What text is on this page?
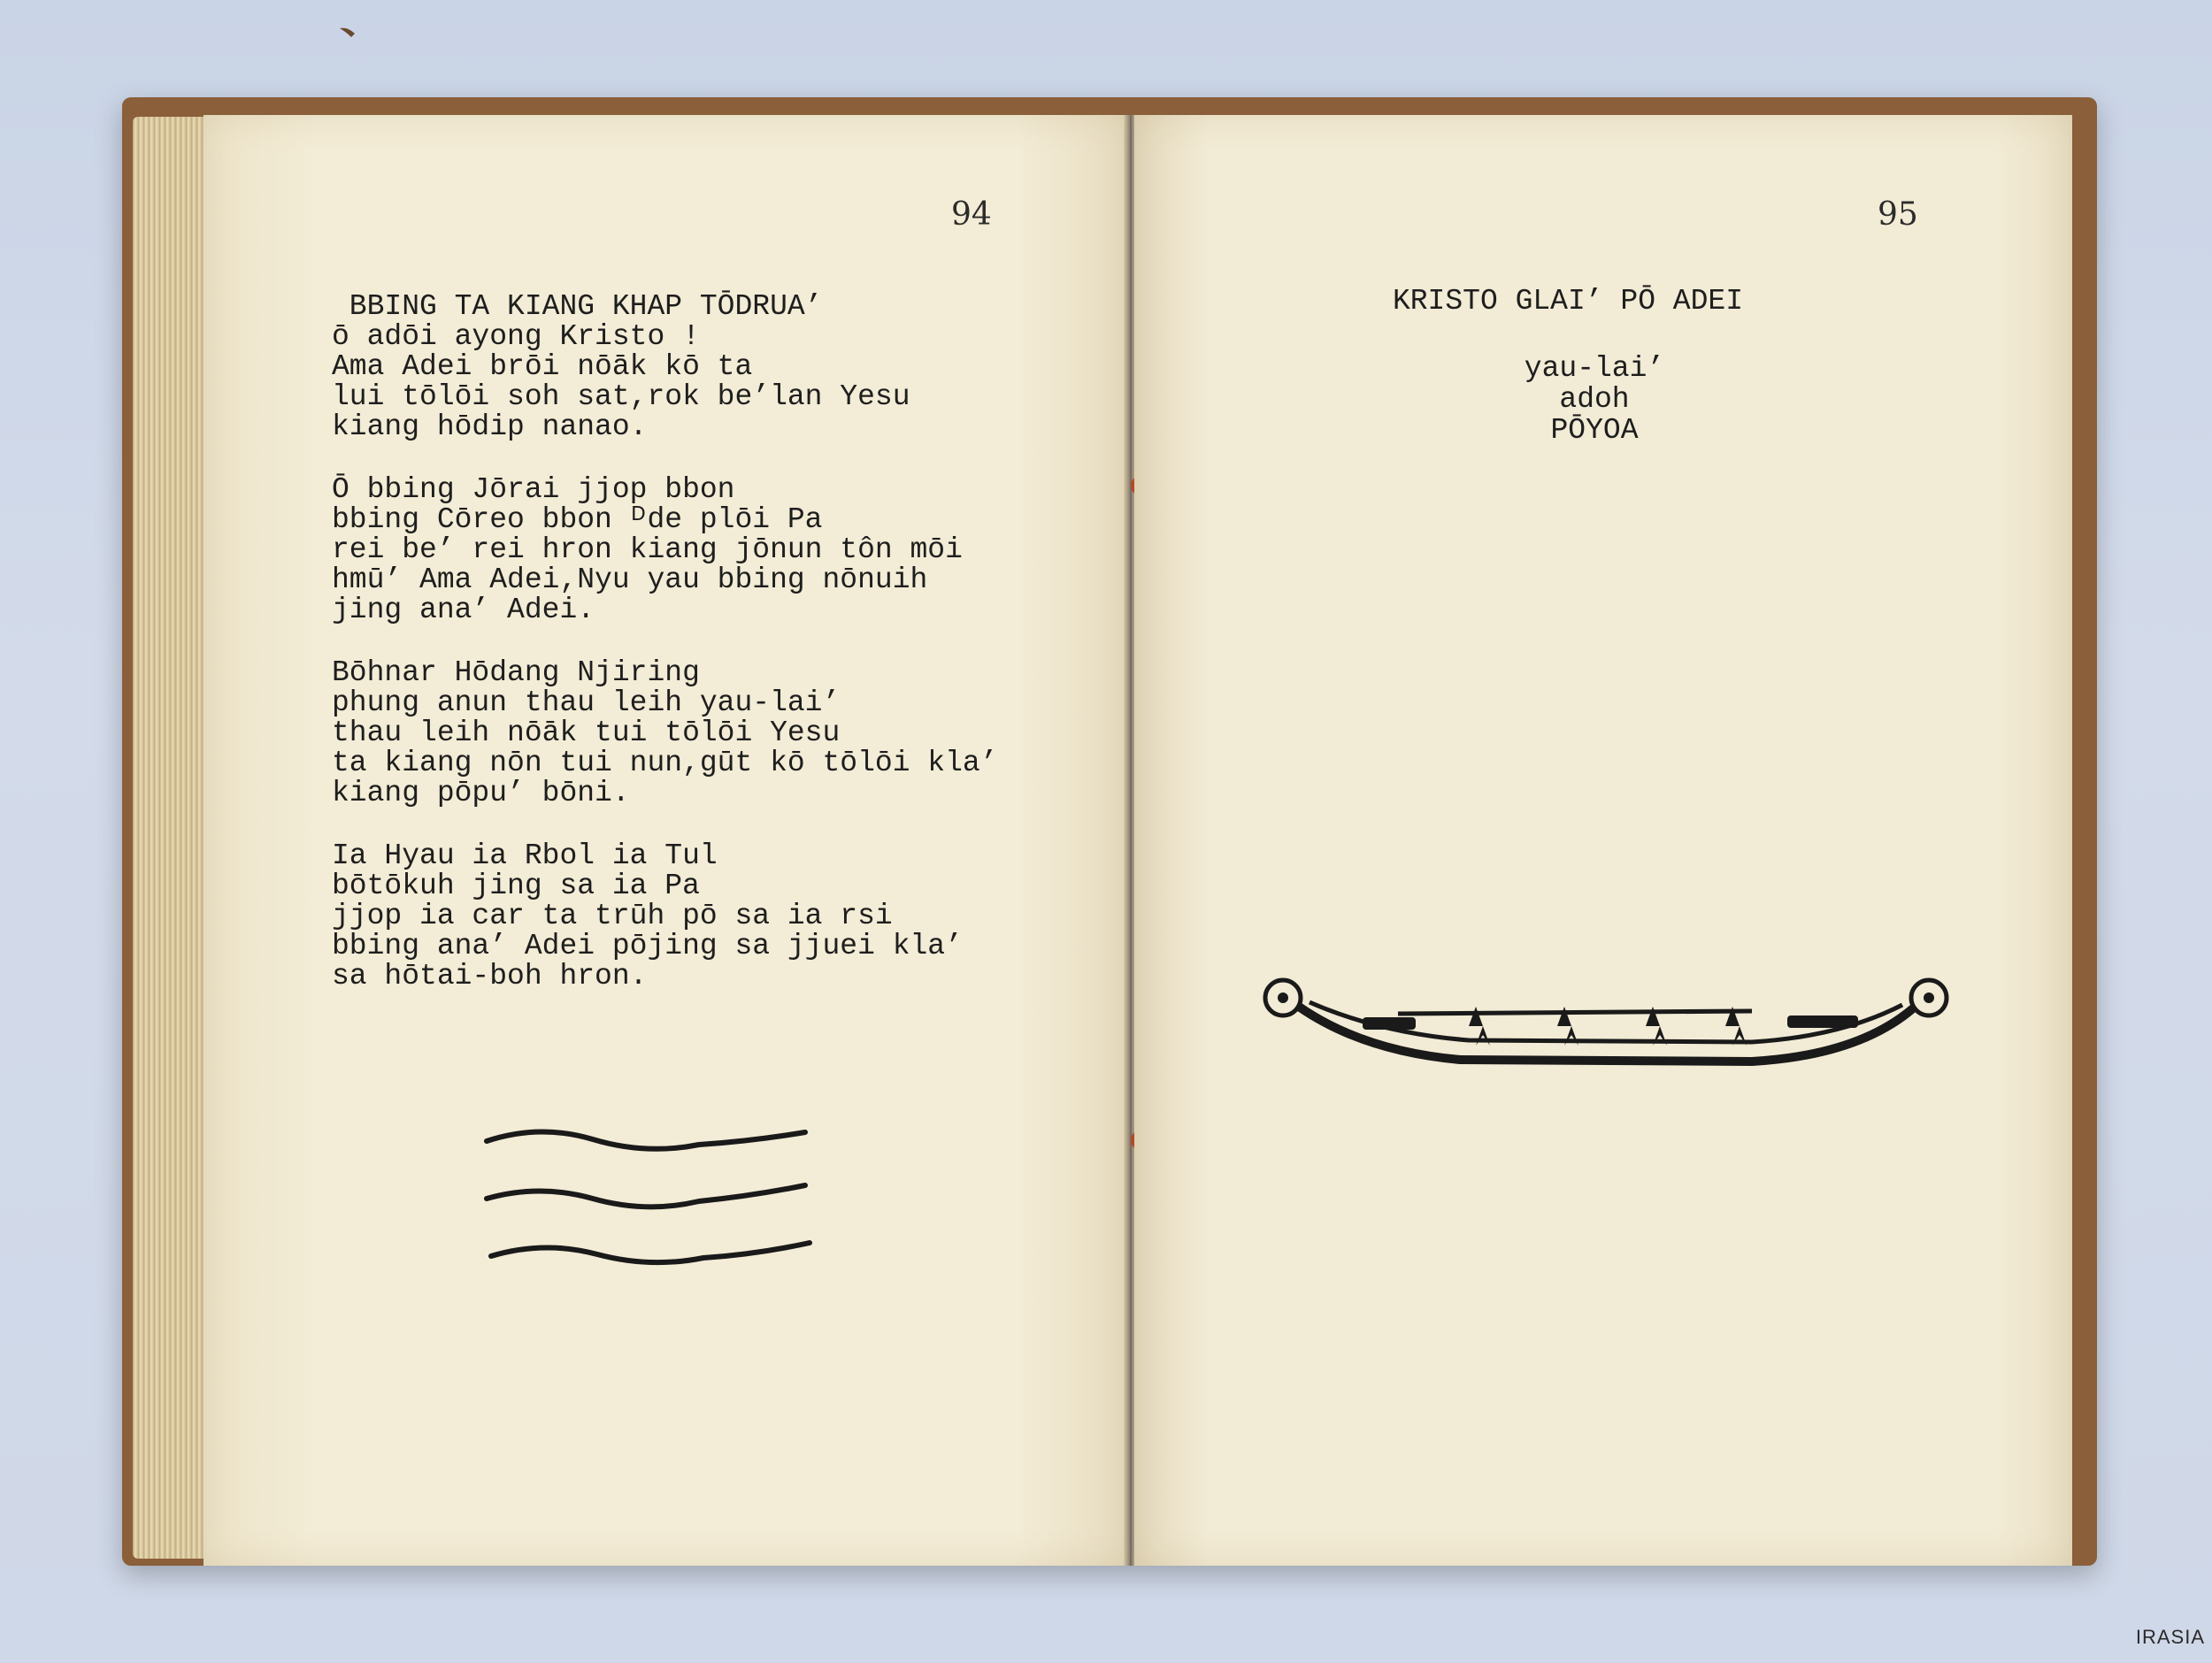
94
BBING TA KIANG KHAP TŌDRUA’
ō adōi ayong Kristo !
Ama Adei brōi nōāk kō ta
lui tōlōi soh sat,rok be’lan Yesu
kiang hōdip nanao.
Ō bbing Jōrai jjop bbon
bbing Cōreo bbon ᴰde plōi Pa
rei be’ rei hron kiang jōnun tôn mōi
hmū’ Ama Adei,Nyu yau bbing nōnuih
jing ana’ Adei.
Bōhnar Hōdang Njiring
phung anun thau leih yau-lai’
thau leih nōāk tui tōlōi Yesu
ta kiang nōn tui nun,gūt kō tōlōi kla’
kiang pōpu’ bōni.
Ia Hyau ia Rbol ia Tul
bōtōkuh jing sa ia Pa
jjop ia car ta trūh pō sa ia rsi
bbing ana’ Adei pōjing sa jjuei kla’
sa hōtai-boh hron.
95
KRISTO GLAI’ PŌ ADEI
yau-lai’
adoh
PŌYOA
IRASIA
